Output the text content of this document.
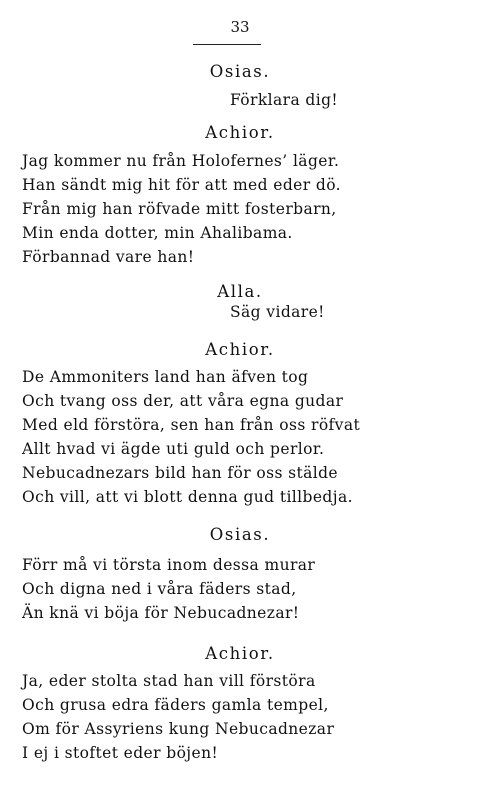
33
Osias.
Förklara dig!
Achior.
Jag kommer nu från Holofernes’ läger.
Han sändt mig hit för att med eder dö.
Från mig han röfvade mitt fosterbarn,
Min enda dotter, min Ahalibama.
Förbannad vare han!
Alla.
Säg vidare!
Achior.
De Ammoniters land han äfven tog
Och tvang oss der, att våra egna gudar
Med eld förstöra, sen han från oss röfvat
Allt hvad vi ägde uti guld och perlor.
Nebucadnezars bild han för oss stälde
Och vill, att vi blott denna gud tillbedja.
Osias.
Förr må vi törsta inom dessa murar
Och digna ned i våra fäders stad,
Än knä vi böja för Nebucadnezar!
Achior.
Ja, eder stolta stad han vill förstöra
Och grusa edra fäders gamla tempel,
Om för Assyriens kung Nebucadnezar
I ej i stoftet eder böjen!
